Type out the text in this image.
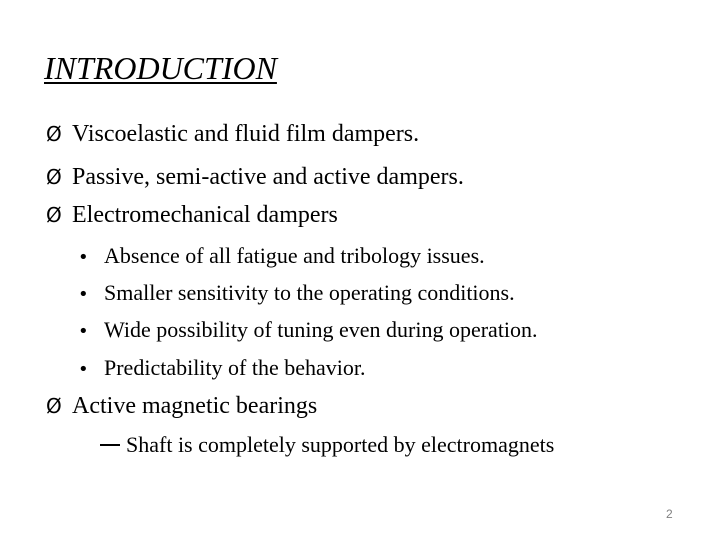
INTRODUCTION
Ø Viscoelastic and fluid film dampers.
Ø Passive, semi-active and active dampers.
Ø Electromechanical dampers
• Absence of all fatigue and tribology issues.
• Smaller sensitivity to the operating conditions.
• Wide possibility of tuning even during operation.
• Predictability of the behavior.
Ø Active magnetic bearings
Shaft is completely supported by electromagnets
2
